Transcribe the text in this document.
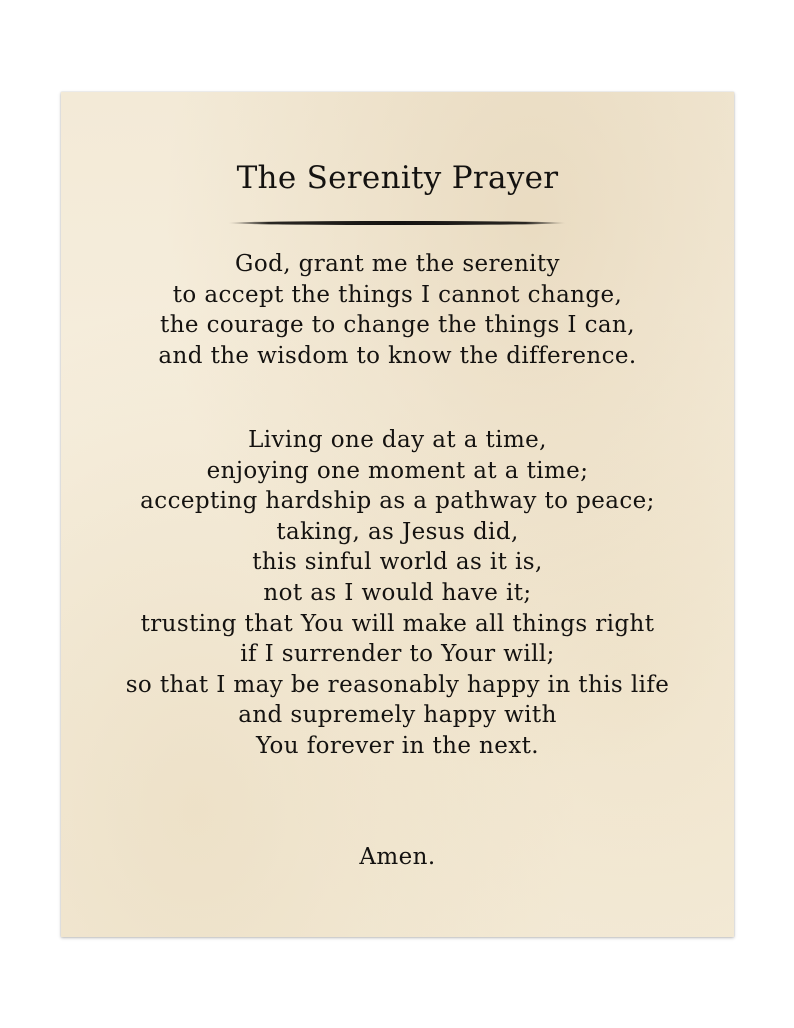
The Serenity Prayer
God, grant me the serenity
to accept the things I cannot change,
the courage to change the things I can,
and the wisdom to know the difference.
Living one day at a time,
enjoying one moment at a time;
accepting hardship as a pathway to peace;
taking, as Jesus did,
this sinful world as it is,
not as I would have it;
trusting that You will make all things right
if I surrender to Your will;
so that I may be reasonably happy in this life
and supremely happy with
You forever in the next.
Amen.
